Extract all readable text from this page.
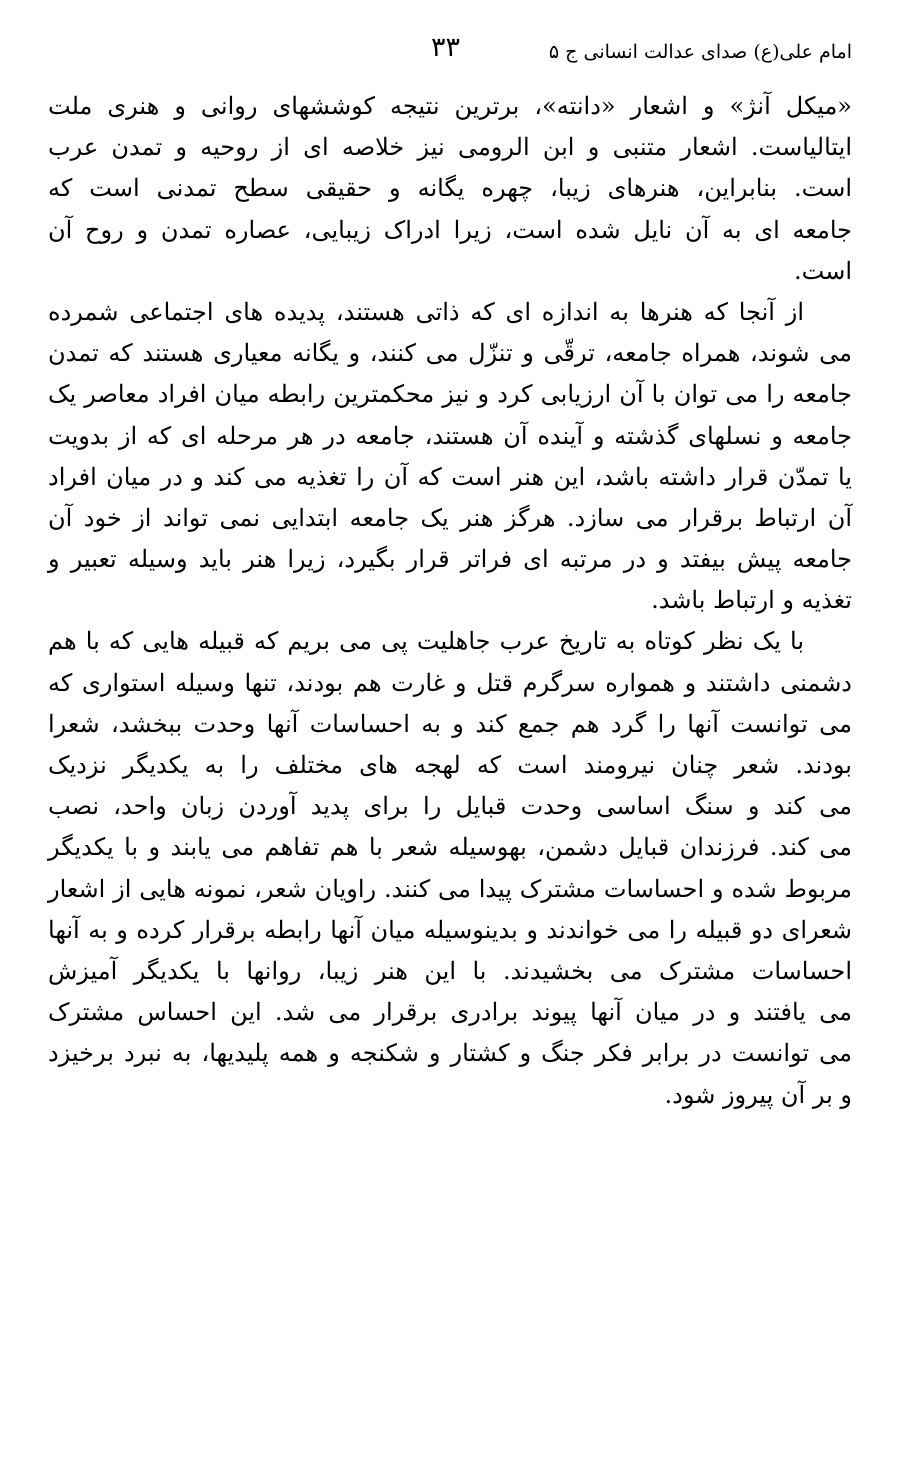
امام علی(ع) صدای عدالت انسانی ج ۵
۳۳
«میکل آنژ» و اشعار «دانته»، برترین نتیجه کوششهای روانی و هنری ملت
ایتالیاست. اشعار متنبی و ابن الرومی نیز خلاصه ای از روحیه و تمدن عرب
است. بنابراین، هنرهای زیبا، چهره یگانه و حقیقی سطح تمدنی است که
جامعه ای به آن نایل شده است، زیرا ادراک زیبایی، عصاره تمدن و روح آن
است.
از آنجا که هنرها به اندازه ای که ذاتی هستند، پدیده های اجتماعی شمرده
می شوند، همراه جامعه، ترقّی و تنزّل می کنند، و یگانه معیاری هستند که تمدن
جامعه را می توان با آن ارزیابی کرد و نیز محکمترین رابطه میان افراد معاصر یک
جامعه و نسلهای گذشته و آینده آن هستند، جامعه در هر مرحله ای که از بدویت
یا تمدّن قرار داشته باشد، این هنر است که آن را تغذیه می کند و در میان افراد
آن ارتباط برقرار می سازد. هرگز هنر یک جامعه ابتدایی نمی تواند از خود آن
جامعه پیش بیفتد و در مرتبه ای فراتر قرار بگیرد، زیرا هنر باید وسیله تعبیر و
تغذیه و ارتباط باشد.
با یک نظر کوتاه به تاریخ عرب جاهلیت پی می بریم که قبیله هایی که با هم
دشمنی داشتند و همواره سرگرم قتل و غارت هم بودند، تنها وسیله استواری که
می توانست آنها را گرد هم جمع کند و به احساسات آنها وحدت ببخشد، شعرا
بودند. شعر چنان نیرومند است که لهجه های مختلف را به یکدیگر نزدیک
می کند و سنگ اساسی وحدت قبایل را برای پدید آوردن زبان واحد، نصب
می کند. فرزندان قبایل دشمن، بهوسیله شعر با هم تفاهم می یابند و با یکدیگر
مربوط شده و احساسات مشترک پیدا می کنند. راویان شعر، نمونه هایی از اشعار
شعرای دو قبیله را می خواندند و بدینوسیله میان آنها رابطه برقرار کرده و به آنها
احساسات مشترک می بخشیدند. با این هنر زیبا، روانها با یکدیگر آمیزش
می یافتند و در میان آنها پیوند برادری برقرار می شد. این احساس مشترک
می توانست در برابر فکر جنگ و کشتار و شکنجه و همه پلیدیها، به نبرد برخیزد
و بر آن پیروز شود.
